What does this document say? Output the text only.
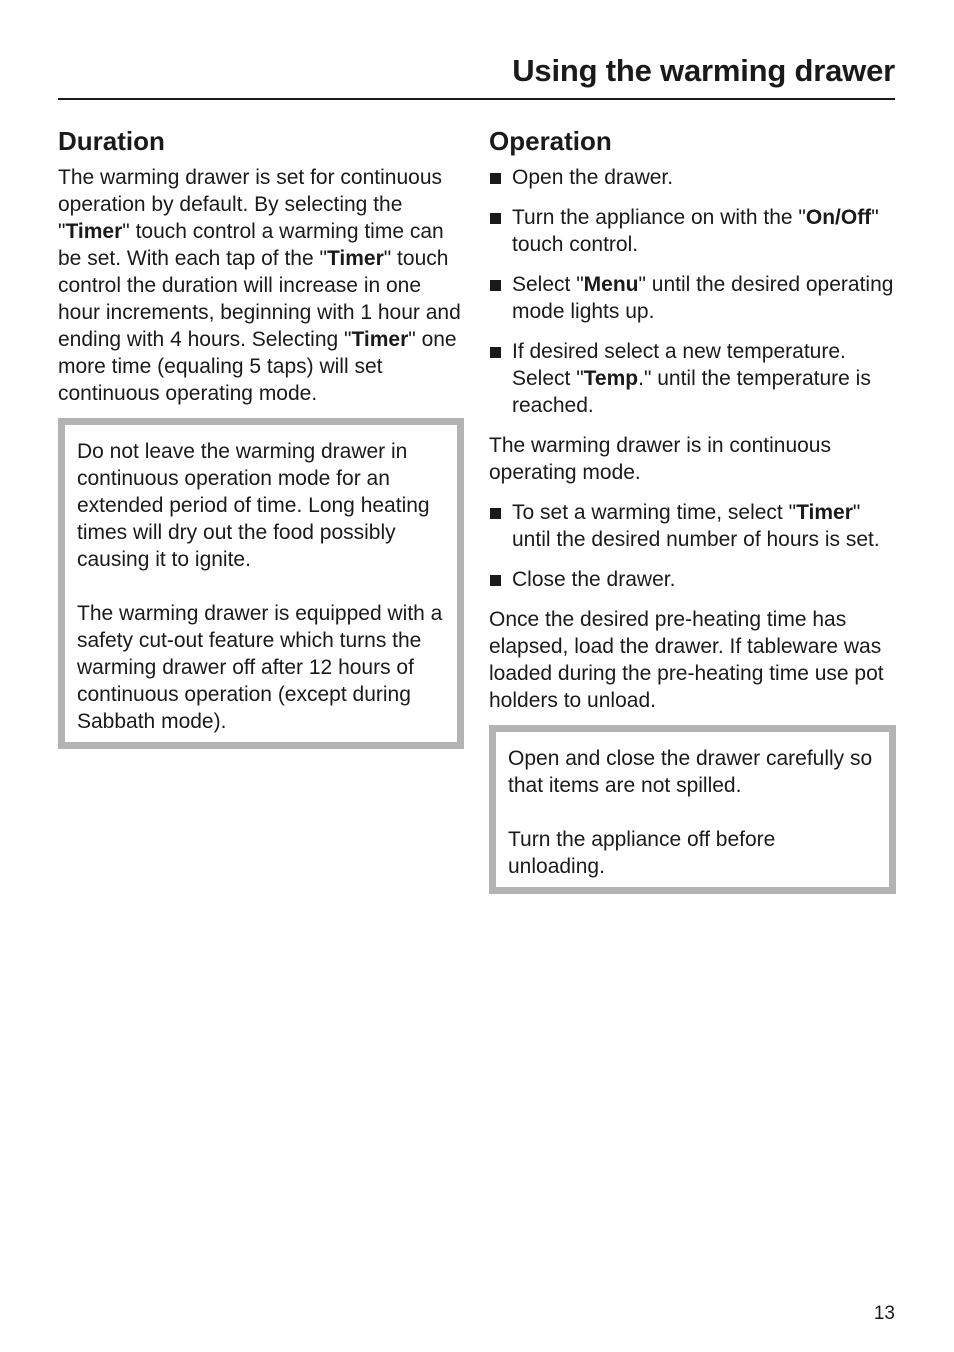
Using the warming drawer
Duration

The warming drawer is set for continuous operation by default. By selecting the "Timer" touch control a warming time can be set. With each tap of the "Timer" touch control the duration will increase in one hour increments, beginning with 1 hour and ending with 4 hours. Selecting "Timer" one more time (equaling 5 taps) will set continuous operating mode.

Do not leave the warming drawer in continuous operation mode for an extended period of time. Long heating times will dry out the food possibly causing it to ignite.

The warming drawer is equipped with a safety cut-out feature which turns the warming drawer off after 12 hours of continuous operation (except during Sabbath mode).

Operation
Open the drawer.
Turn the appliance on with the "On/Off" touch control.
Select "Menu" until the desired operating mode lights up.
If desired select a new temperature. Select "Temp." until the temperature is reached.

The warming drawer is in continuous operating mode.

To set a warming time, select "Timer" until the desired number of hours is set.
Close the drawer.

Once the desired pre-heating time has elapsed, load the drawer. If tableware was loaded during the pre-heating time use pot holders to unload.

Open and close the drawer carefully so that items are not spilled.

Turn the appliance off before unloading.

13
